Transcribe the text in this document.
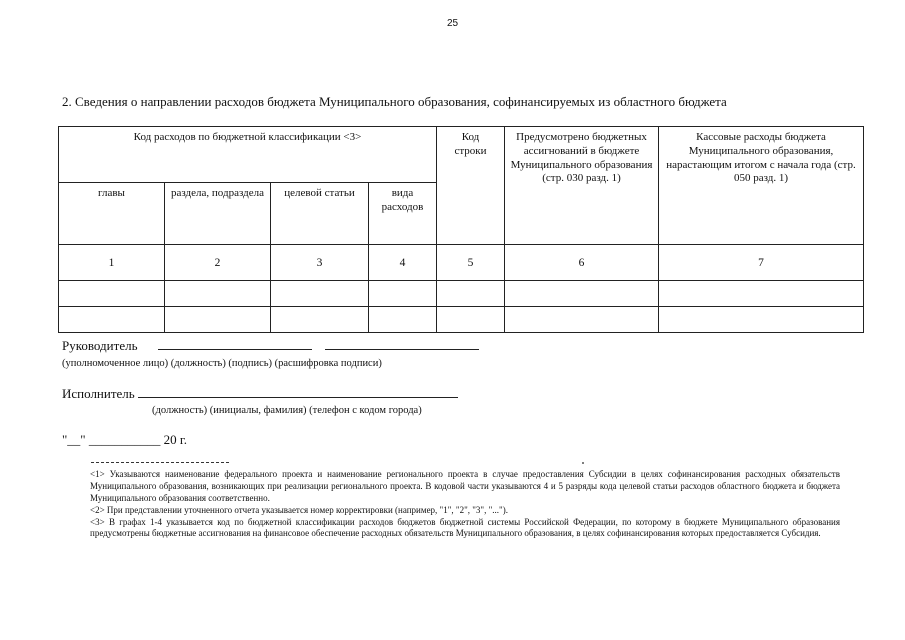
25
2. Сведения о направлении расходов бюджета Муниципального образования, софинансируемых из областного бюджета
Код расходов по бюджетной классификации <3>				Код строки	Предусмотрено бюджетных ассигнований в бюджете Муниципального образования (стр. 030 разд. 1)	Кассовые расходы бюджета Муниципального образования, нарастающим итогом с начала года (стр. 050 разд. 1)
главы	раздела, подраздела	целевой статьи	вида расходов			
1	2	3	4	5	6	7

Руководитель
(уполномоченное лицо) (должность) (подпись) (расшифровка подписи)
Исполнитель
(должность) (инициалы, фамилия) (телефон с кодом города)
"__" ___________ 20 г.

<1> Указываются наименование федерального проекта и наименование регионального проекта в случае предоставления Субсидии в целях софинансирования расходных обязательств Муниципального образования, возникающих при реализации регионального проекта. В кодовой части указываются 4 и 5 разряды кода целевой статьи расходов областного бюджета и бюджета Муниципального образования соответственно.

<2> При представлении уточненного отчета указывается номер корректировки (например, "1", "2", "3", "...").

<3> В графах 1-4 указывается код по бюджетной классификации расходов бюджетов бюджетной системы Российской Федерации, по которому в бюджете Муниципального образования предусмотрены бюджетные ассигнования на финансовое обеспечение расходных обязательств Муниципального образования, в целях софинансирования которых предоставляется Субсидия.
